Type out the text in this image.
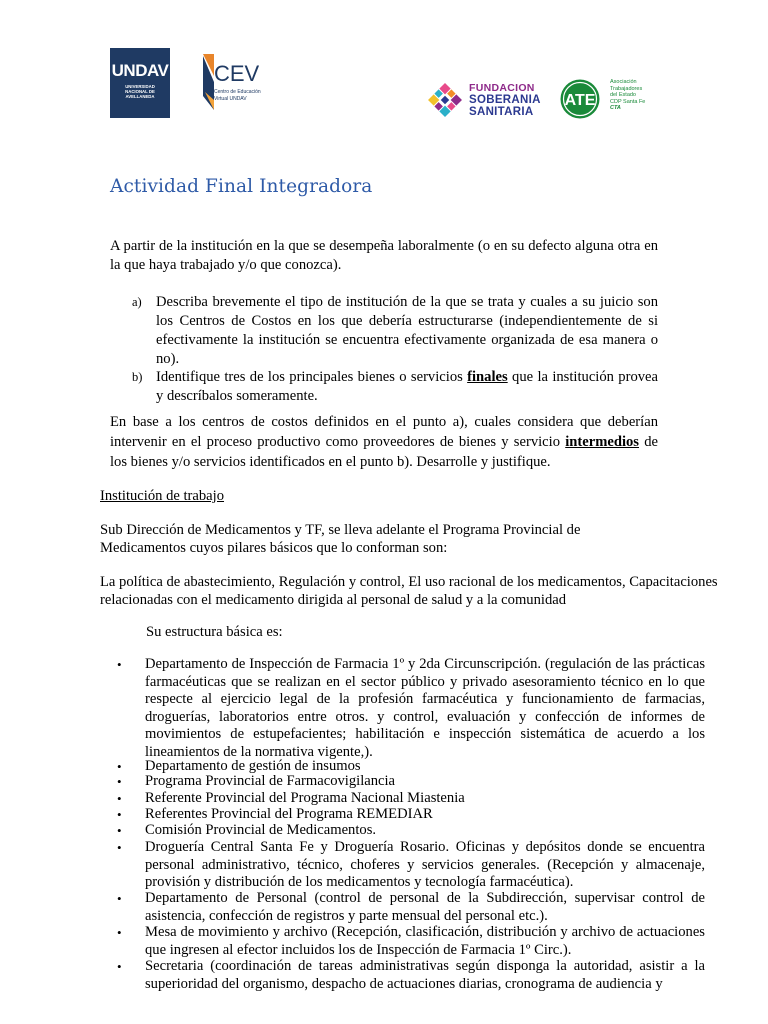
UNDAV
UNIVERSIDAD
NACIONAL DE
AVELLANEDA
CEV
Centro de Educación
Virtual UNDAV
FUNDACION
SOBERANIA
SANITARIA
ATE
Asociación
Trabajadores
del Estado
CDP Santa Fe
CTA
Actividad Final Integradora
A partir de la institución en la que se desempeña laboralmente (o en su defecto alguna otra en la que haya trabajado y/o que conozca).
a) Describa brevemente el tipo de institución de la que se trata y cuales a su juicio son los Centros de Costos en los que debería estructurarse (independientemente de si efectivamente la institución se encuentra efectivamente organizada de esa manera o no).
b) Identifique tres de los principales bienes o servicios finales que la institución provea y descríbalos someramente.
En base a los centros de costos definidos en el punto a), cuales considera que deberían intervenir en el proceso productivo como proveedores de bienes y servicio intermedios de los bienes y/o servicios identificados en el punto b). Desarrolle y justifique.
Institución de trabajo
Sub Dirección de Medicamentos y TF, se lleva adelante el Programa Provincial de Medicamentos cuyos pilares básicos que lo conforman son:
La política de abastecimiento, Regulación y control, El uso racional de los medicamentos, Capacitaciones relacionadas con el medicamento dirigida al personal de salud y a la comunidad
Su estructura básica es:
• Departamento de Inspección de Farmacia 1º y 2da Circunscripción. (regulación de las prácticas farmacéuticas que se realizan en el sector público y privado asesoramiento técnico en lo que respecte al ejercicio legal de la profesión farmacéutica y funcionamiento de farmacias, droguerías, laboratorios entre otros. y control, evaluación y confección de informes de movimientos de estupefacientes; habilitación e inspección sistemática de acuerdo a los lineamientos de la normativa vigente,).
• Departamento de gestión de insumos
• Programa Provincial de Farmacovigilancia
• Referente Provincial del Programa Nacional Miastenia
• Referentes Provincial del Programa REMEDIAR
• Comisión Provincial de Medicamentos.
• Droguería Central Santa Fe y Droguería Rosario. Oficinas y depósitos donde se encuentra personal administrativo, técnico, choferes y servicios generales. (Recepción y almacenaje, provisión y distribución de los medicamentos y tecnología farmacéutica).
• Departamento de Personal (control de personal de la Subdirección, supervisar control de asistencia, confección de registros y parte mensual del personal etc.).
• Mesa de movimiento y archivo (Recepción, clasificación, distribución y archivo de actuaciones que ingresen al efector incluidos los de Inspección de Farmacia 1º Circ.).
• Secretaria (coordinación de tareas administrativas según disponga la autoridad, asistir a la superioridad del organismo, despacho de actuaciones diarias, cronograma de audiencia y
